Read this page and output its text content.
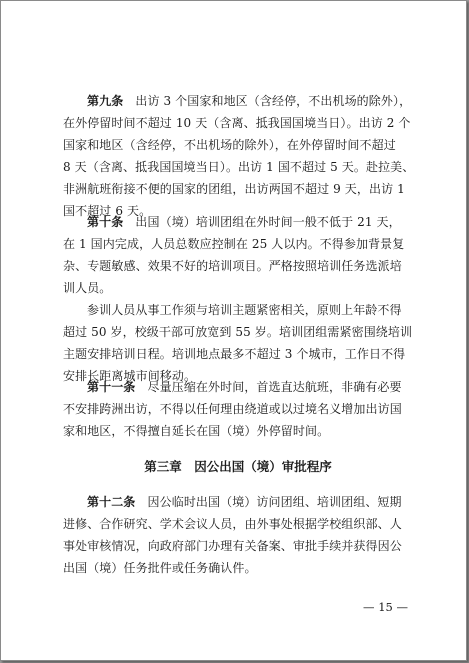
第九条　 出访 3 个国家和地区（含经停，不出机场的除外），
在外停留时间不超过 10 天（含离、抵我国国境当日）。出访 2 个
国家和地区（含经停，不出机场的除外），在外停留时间不超过
8 天（含离、抵我国国境当日）。出访 1 国不超过 5 天。赴拉美、
非洲航班衔接不便的国家的团组，出访两国不超过 9 天，出访 1
国不超过 6 天。
第十条　 出国（境）培训团组在外时间一般不低于 21 天，
在 1 国内完成，人员总数应控制在 25 人以内。不得参加背景复
杂、专题敏感、效果不好的培训项目。严格按照培训任务选派培
训人员。
参训人员从事工作须与培训主题紧密相关，原则上年龄不得
超过 50 岁，校级干部可放宽到 55 岁。培训团组需紧密围绕培训
主题安排培训日程。培训地点最多不超过 3 个城市，工作日不得
安排长距离城市间移动。
第十一条　 尽量压缩在外时间，首选直达航班，非确有必要
不安排跨洲出访，不得以任何理由绕道或以过境名义增加出访国
家和地区，不得擅自延长在国（境）外停留时间。
第三章　因公出国（境）审批程序
第十二条　 因公临时出国（境）访问团组、培训团组、短期
进修、合作研究、学术会议人员，由外事处根据学校组织部、人
事处审核情况，向政府部门办理有关备案、审批手续并获得因公
出国（境）任务批件或任务确认件。
— 15 —
